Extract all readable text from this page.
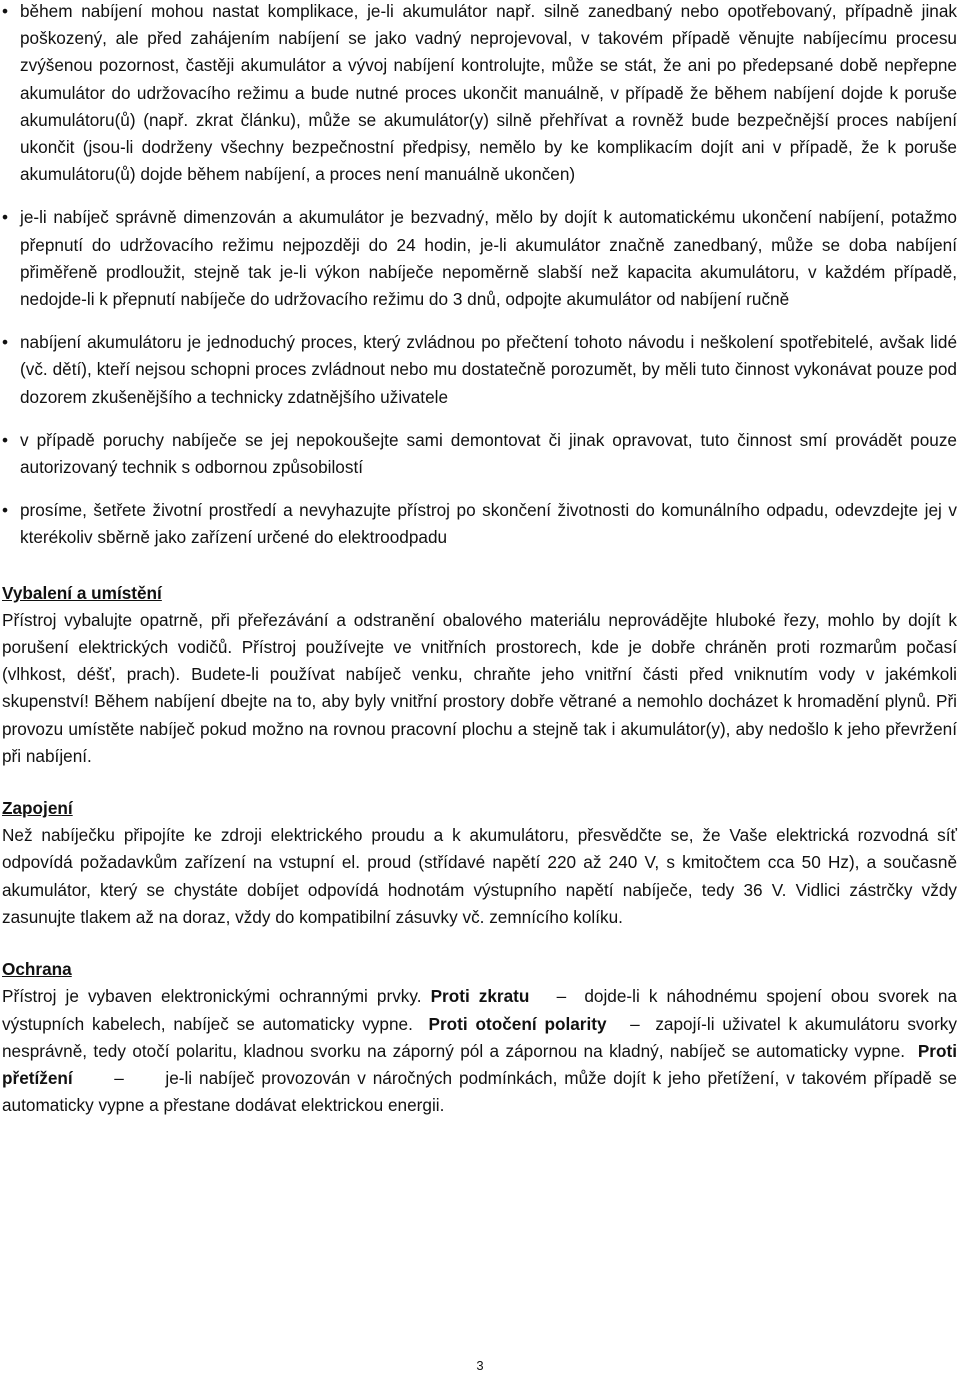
• během nabíjení mohou nastat komplikace, je-li akumulátor např. silně zanedbaný nebo opotřebovaný, případně jinak poškozený, ale před zahájením nabíjení se jako vadný neprojevoval, v takovém případě věnujte nabíjecímu procesu zvýšenou pozornost, častěji akumulátor a vývoj nabíjení kontrolujte, může se stát, že ani po předepsané době nepřepne akumulátor do udržovacího režimu a bude nutné proces ukončit manuálně, v případě že během nabíjení dojde k poruše akumulátoru(ů) (např. zkrat článku), může se akumulátor(y) silně přehřívat a rovněž bude bezpečnější proces nabíjení ukončit (jsou-li dodrženy všechny bezpečnostní předpisy, nemělo by ke komplikacím dojít ani v případě, že k poruše akumulátoru(ů) dojde během nabíjení, a proces není manuálně ukončen)
• je-li nabíječ správně dimenzován a akumulátor je bezvadný, mělo by dojít k automatickému ukončení nabíjení, potažmo přepnutí do udržovacího režimu nejpozději do 24 hodin, je-li akumulátor značně zanedbaný, může se doba nabíjení přiměřeně prodloužit, stejně tak je-li výkon nabíječe nepoměrně slabší než kapacita akumulátoru, v každém případě, nedojde-li k přepnutí nabíječe do udržovacího režimu do 3 dnů, odpojte akumulátor od nabíjení ručně
• nabíjení akumulátoru je jednoduchý proces, který zvládnou po přečtení tohoto návodu i neškolení spotřebitelé, avšak lidé (vč. dětí), kteří nejsou schopni proces zvládnout nebo mu dostatečně porozumět, by měli tuto činnost vykonávat pouze pod dozorem zkušenějšího a technicky zdatnějšího uživatele
• v případě poruchy nabíječe se jej nepokoušejte sami demontovat či jinak opravovat, tuto činnost smí provádět pouze autorizovaný technik s odbornou způsobilostí
• prosíme, šetřete životní prostředí a nevyhazujte přístroj po skončení životnosti do komunálního odpadu, odevzdejte jej v kterékoliv sběrně jako zařízení určené do elektroodpadu
Vybalení a umístění

Přístroj vybalujte opatrně, při přeřezávání a odstranění obalového materiálu neprovádějte hluboké řezy, mohlo by dojít k porušení elektrických vodičů. Přístroj používejte ve vnitřních prostorech, kde je dobře chráněn proti rozmarům počasí (vlhkost, déšť, prach). Budete-li používat nabíječ venku, chraňte jeho vnitřní části před vniknutím vody v jakémkoli skupenství! Během nabíjení dbejte na to, aby byly vnitřní prostory dobře větrané a nemohlo docházet k hromadění plynů. Při provozu umístěte nabíječ pokud možno na rovnou pracovní plochu a stejně tak i akumulátor(y), aby nedošlo k jeho převržení při nabíjení.

Zapojení

Než nabíječku připojíte ke zdroji elektrického proudu a k akumulátoru, přesvědčte se, že Vaše elektrická rozvodná síť odpovídá požadavkům zařízení na vstupní el. proud (střídavé napětí 220 až 240 V, s kmitočtem cca 50 Hz), a současně akumulátor, který se chystáte dobíjet odpovídá hodnotám výstupního napětí nabíječe, tedy 36 V. Vidlici zástrčky vždy zasunujte tlakem až na doraz, vždy do kompatibilní zásuvky vč. zemnícího kolíku.

Ochrana

Přístroj je vybaven elektronickými ochrannými prvky. Proti zkratu – dojde-li k náhodnému spojení obou svorek na výstupních kabelech, nabíječ se automaticky vypne. Proti otočení polarity – zapojí-li uživatel k akumulátoru svorky nesprávně, tedy otočí polaritu, kladnou svorku na záporný pól a zápornou na kladný, nabíječ se automaticky vypne. Proti přetížení – je-li nabíječ provozován v náročných podmínkách, může dojít k jeho přetížení, v takovém případě se automaticky vypne a přestane dodávat elektrickou energii.

3
